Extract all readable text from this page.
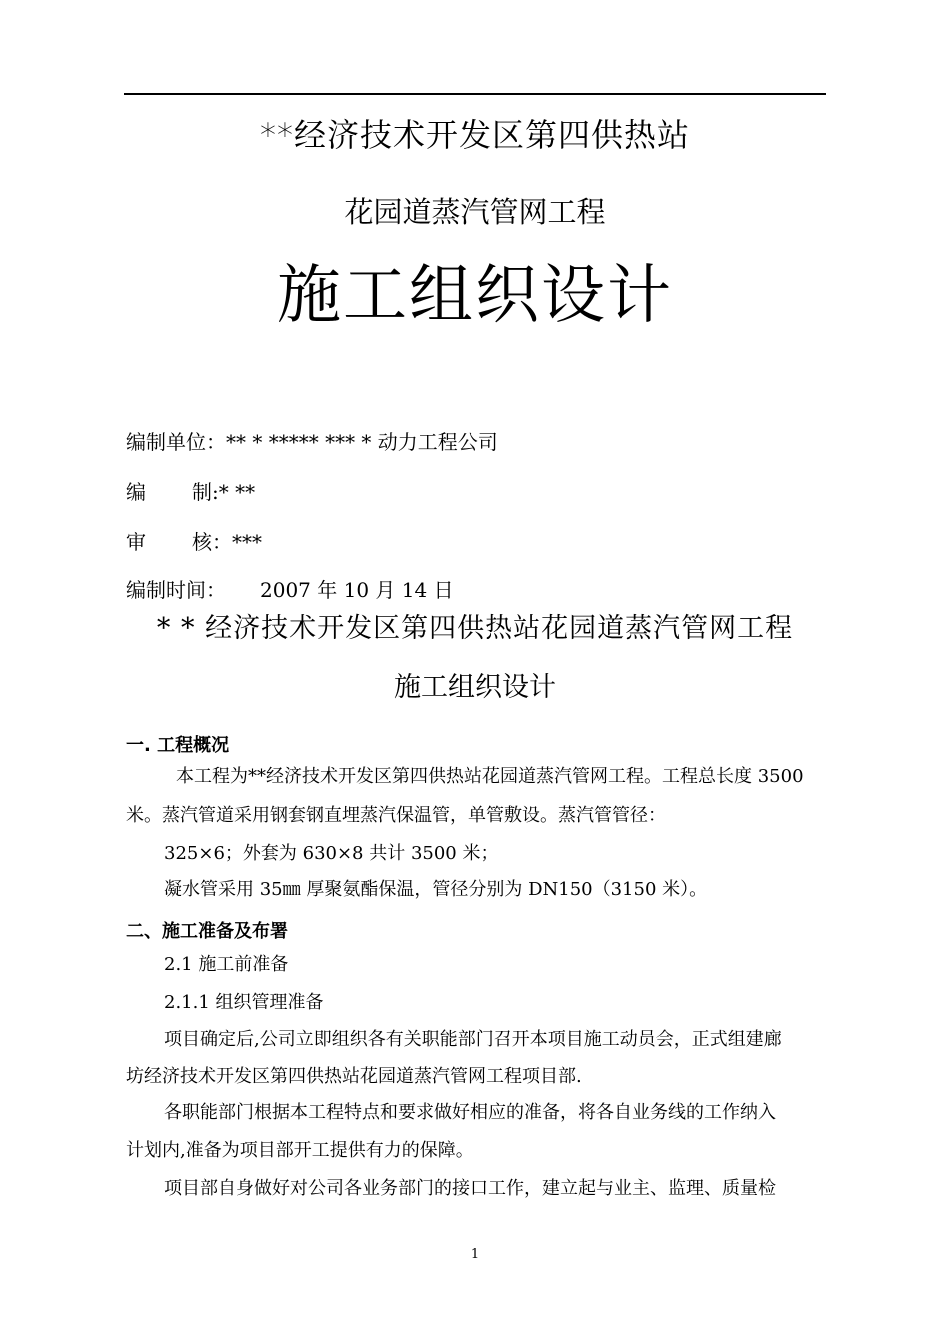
**经济技术开发区第四供热站
花园道蒸汽管网工程
施工组织设计
编制单位：** * ***** *** * 动力工程公司
编 制:* **
审 核：***
编制时间： 2007 年 10 月 14 日
* * 经济技术开发区第四供热站花园道蒸汽管网工程
施工组织设计
一. 工程概况
本工程为**经济技术开发区第四供热站花园道蒸汽管网工程。工程总长度 3500
米。蒸汽管道采用钢套钢直埋蒸汽保温管，单管敷设。蒸汽管管径：
325×6；外套为 630×8 共计 3500 米；
凝水管采用 35㎜ 厚聚氨酯保温，管径分别为 DN150（3150 米）。
二、施工准备及布署
2.1 施工前准备
2.1.1 组织管理准备
项目确定后,公司立即组织各有关职能部门召开本项目施工动员会，正式组建廊
坊经济技术开发区第四供热站花园道蒸汽管网工程项目部.
各职能部门根据本工程特点和要求做好相应的准备，将各自业务线的工作纳入
计划内,准备为项目部开工提供有力的保障。
项目部自身做好对公司各业务部门的接口工作，建立起与业主、监理、质量检
1
